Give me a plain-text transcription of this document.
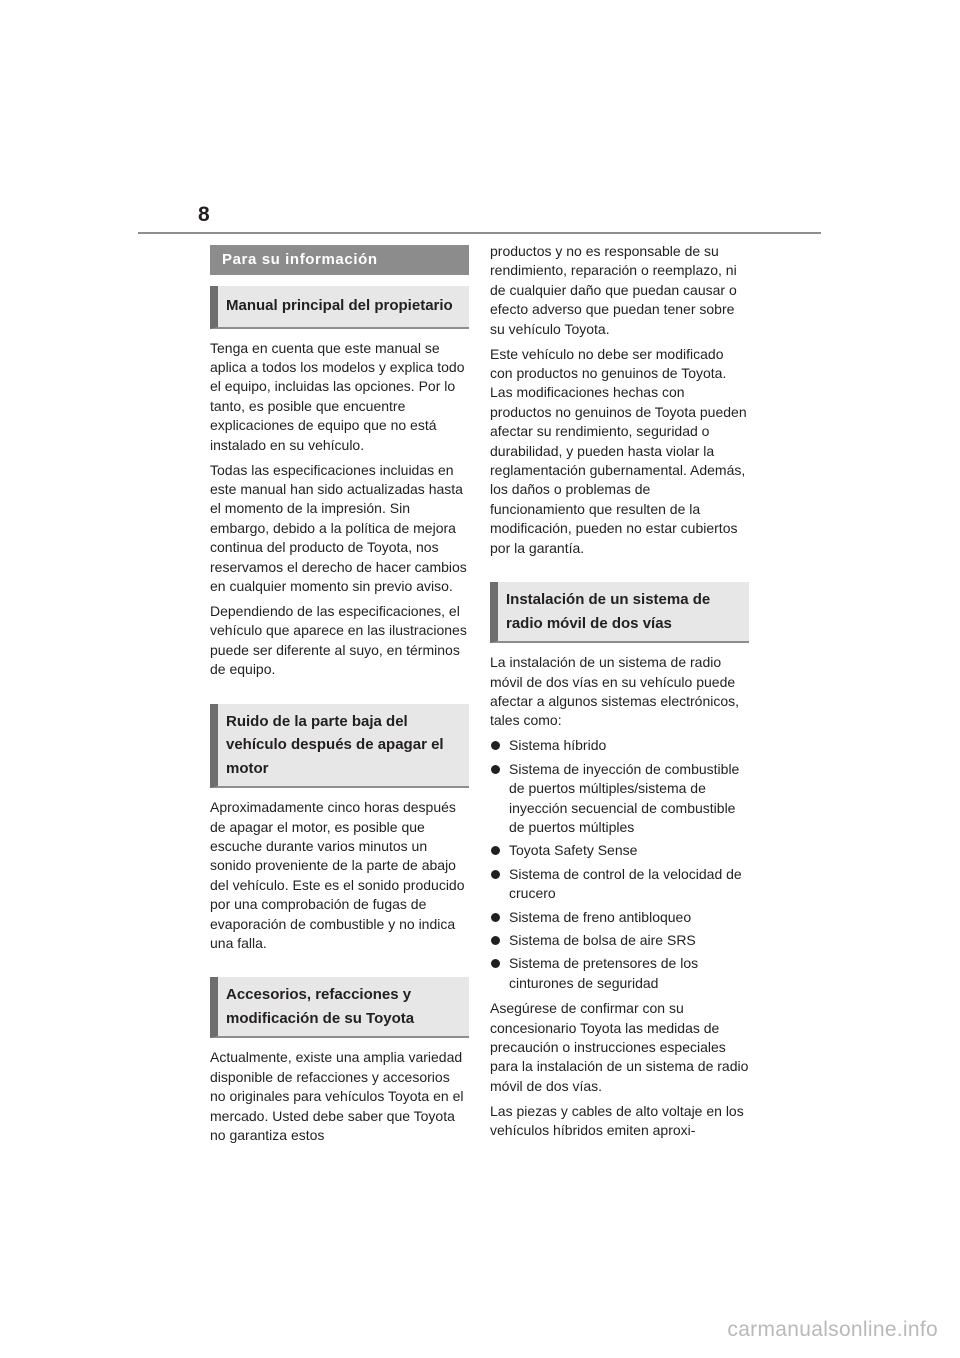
8
Para su información
Manual principal del propietario

Tenga en cuenta que este manual se aplica a todos los modelos y explica todo el equipo, incluidas las opciones. Por lo tanto, es posible que encuentre explicaciones de equipo que no está instalado en su vehículo.

Todas las especificaciones incluidas en este manual han sido actualizadas hasta el momento de la impresión. Sin embargo, debido a la política de mejora continua del producto de Toyota, nos reservamos el derecho de hacer cambios en cualquier momento sin previo aviso.

Dependiendo de las especificaciones, el vehículo que aparece en las ilustraciones puede ser diferente al suyo, en términos de equipo.

Ruido de la parte baja del vehículo después de apagar el motor

Aproximadamente cinco horas después de apagar el motor, es posible que escuche durante varios minutos un sonido proveniente de la parte de abajo del vehículo. Este es el sonido producido por una comprobación de fugas de evaporación de combustible y no indica una falla.

Accesorios, refacciones y modificación de su Toyota

Actualmente, existe una amplia variedad disponible de refacciones y accesorios no originales para vehículos Toyota en el mercado. Usted debe saber que Toyota no garantiza estos

productos y no es responsable de su rendimiento, reparación o reemplazo, ni de cualquier daño que puedan causar o efecto adverso que puedan tener sobre su vehículo Toyota.

Este vehículo no debe ser modificado con productos no genuinos de Toyota. Las modificaciones hechas con productos no genuinos de Toyota pueden afectar su rendimiento, seguridad o durabilidad, y pueden hasta violar la reglamentación gubernamental. Además, los daños o problemas de funcionamiento que resulten de la modificación, pueden no estar cubiertos por la garantía.

Instalación de un sistema de radio móvil de dos vías

La instalación de un sistema de radio móvil de dos vías en su vehículo puede afectar a algunos sistemas electrónicos, tales como:

Sistema híbrido
Sistema de inyección de combustible de puertos múltiples/sistema de inyección secuencial de combustible de puertos múltiples
Toyota Safety Sense
Sistema de control de la velocidad de crucero
Sistema de freno antibloqueo
Sistema de bolsa de aire SRS
Sistema de pretensores de los cinturones de seguridad

Asegúrese de confirmar con su concesionario Toyota las medidas de precaución o instrucciones especiales para la instalación de un sistema de radio móvil de dos vías.

Las piezas y cables de alto voltaje en los vehículos híbridos emiten aproxi-

carmanualsonline.info
